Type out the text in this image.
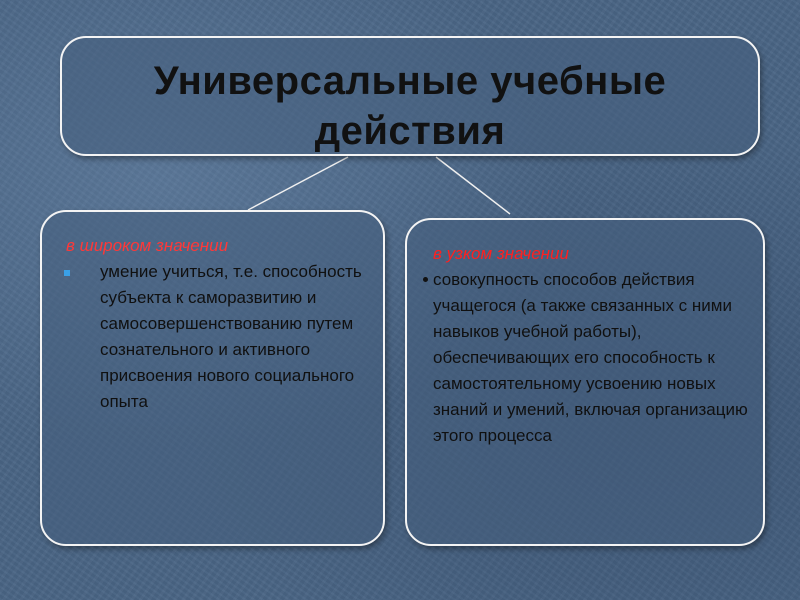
Универсальные учебные
действия
в широком значении
умение учиться, т.е. способность субъекта к саморазвитию и самосовершенствованию путем сознательного и активного присвоения нового социального опыта
в узком значении
совокупность способов действия учащегося (а также связанных с ними навыков учебной работы), обеспечивающих его способность к самостоятельному усвоению новых знаний и умений, включая организацию этого процесса
